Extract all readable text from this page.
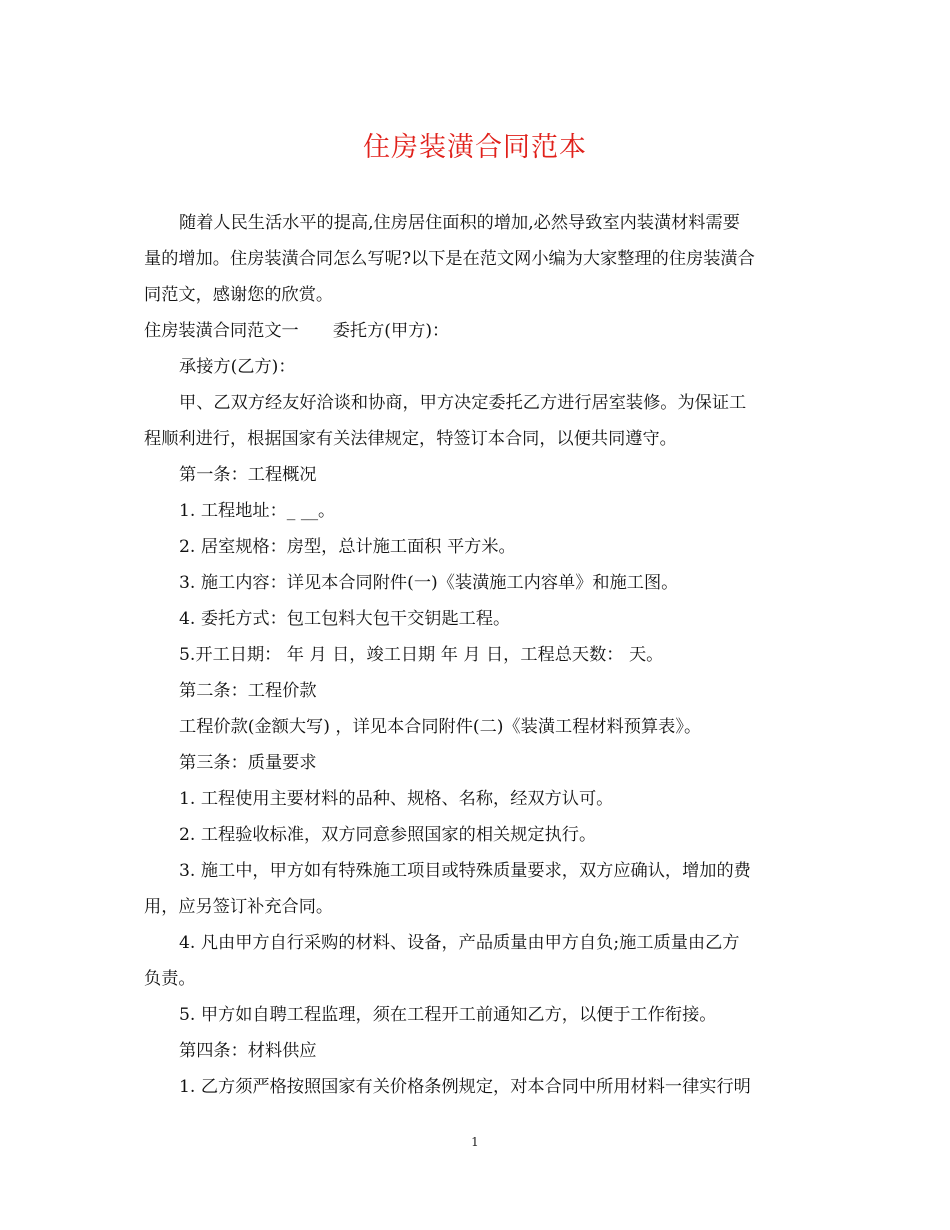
住房装潢合同范本

随着人民生活水平的提高,住房居住面积的增加,必然导致室内装潢材料需要
量的增加。住房装潢合同怎么写呢?以下是在范文网小编为大家整理的住房装潢合
同范文，感谢您的欣赏。

住房装潢合同范文一 委托方(甲方)：

承接方(乙方)：

甲、乙双方经友好洽谈和协商，甲方决定委托乙方进行居室装修。为保证工
程顺利进行，根据国家有关法律规定，特签订本合同，以便共同遵守。

第一条：工程概况

1. 工程地址：_ __。

2. 居室规格：房型，总计施工面积 平方米。

3. 施工内容：详见本合同附件(一)《装潢施工内容单》和施工图。

4. 委托方式：包工包料大包干交钥匙工程。

5.开工日期： 年 月 日，竣工日期 年 月 日，工程总天数： 天。

第二条：工程价款

工程价款(金额大写) ，详见本合同附件(二)《装潢工程材料预算表》。

第三条：质量要求

1. 工程使用主要材料的品种、规格、名称，经双方认可。

2. 工程验收标准，双方同意参照国家的相关规定执行。

3. 施工中，甲方如有特殊施工项目或特殊质量要求，双方应确认，增加的费
用，应另签订补充合同。

4. 凡由甲方自行采购的材料、设备，产品质量由甲方自负;施工质量由乙方
负责。

5. 甲方如自聘工程监理，须在工程开工前通知乙方，以便于工作衔接。

第四条：材料供应

1. 乙方须严格按照国家有关价格条例规定，对本合同中所用材料一律实行明

1
